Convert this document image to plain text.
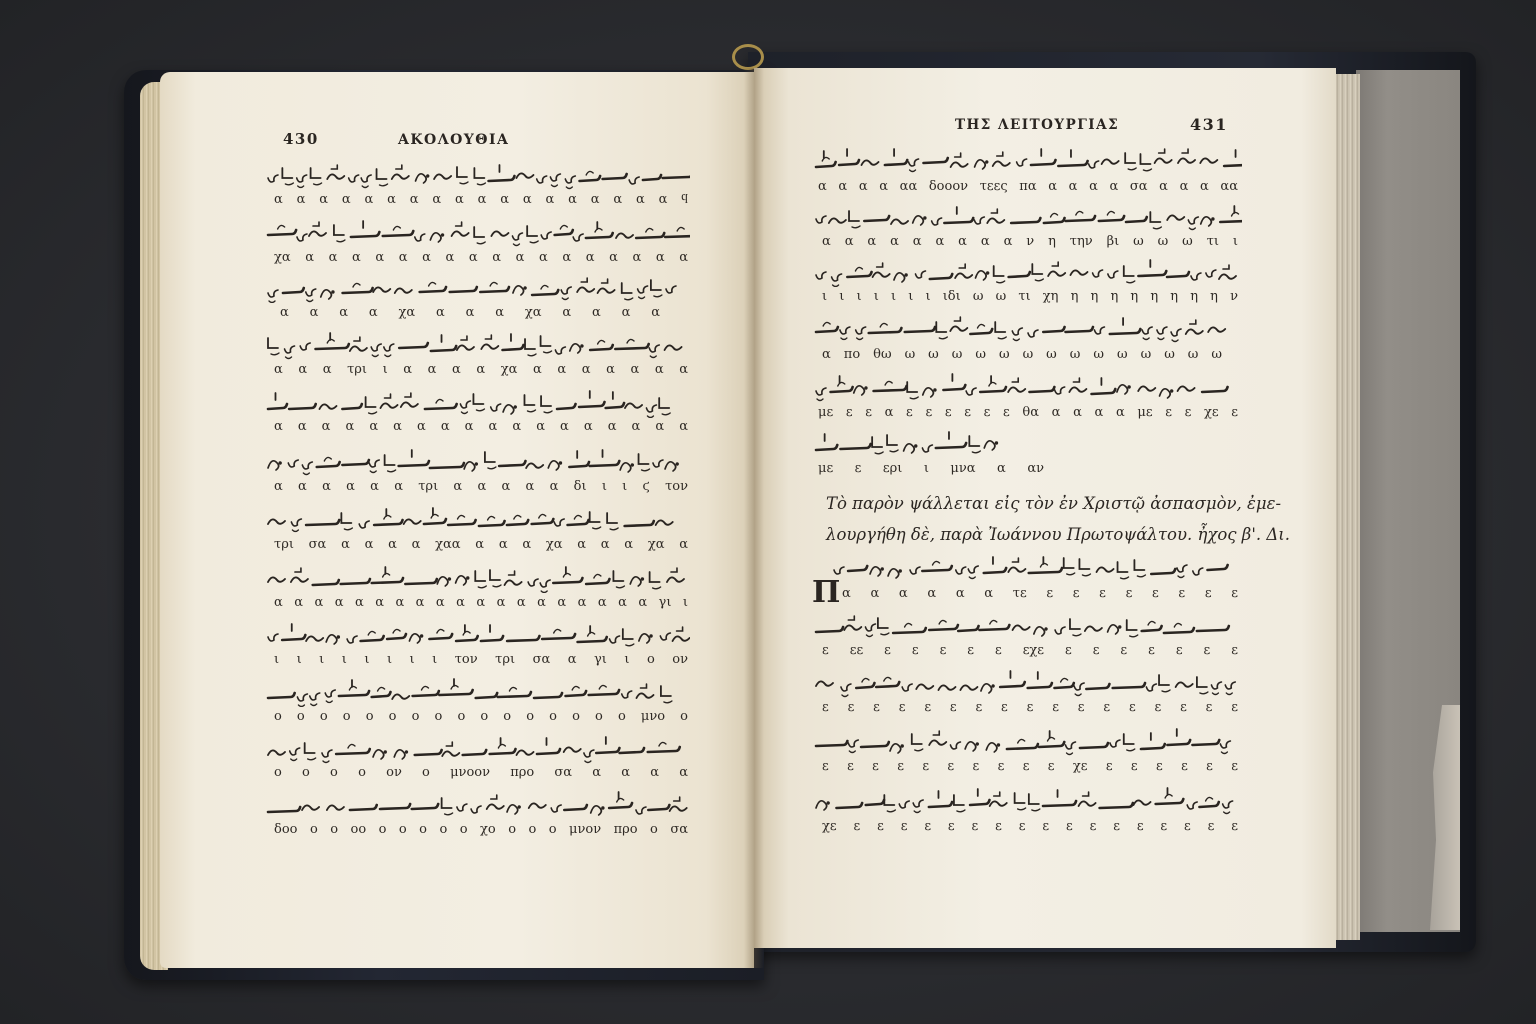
430	ΑΚΟΛΟΥΘΙΑ
α α α α α α α α α α α α α α α α α α ϥ
χα α α α α α α α α α α α α α α α α α
α α α α χα α α α χα α α α α
α α α τρι ι α α α α χα α α α α α α α
α α α α α α α α α α α α α α α α α α
α α α α α α τρι α α α α α δι ι ι ϛ τον
τρι σα α α α α χαα α α α χα α α α χα α
α α α α α α α α α α α α α α α α α α α γι ι
ι ι ι ι ι ι ι ι τον τρι σα α γι ι ο ον
ο ο ο ο ο ο ο ο ο ο ο ο ο ο ο ο μνο ο
ο ο ο ο ον ο μνοον προ σα α α α α
δοο ο ο οο ο ο ο ο ο χο ο ο ο μνον προ ο σα
ΤΗΣ ΛΕΙΤΟΥΡΓΙΑΣ	431
α α α α αα δοοον τεες πα α α α α σα α α α αα
α α α α α α α α α ν η την βι ω ω ω τι ι
ι ι ι ι ι ι ι ιδι ω ω τι χη η η η η η η η η ν
α πο θω ω ω ω ω ω ω ω ω ω ω ω ω ω ω
με ε ε α ε ε ε ε ε ε θα α α α α με ε ε χε ε
με ε ερι ι μνα α αν
Τὸ παρὸν ψάλλεται εἰς τὸν ἐν Χριστῷ ἀσπασμὸν, ἐμε-
λουργήθη δὲ, παρὰ Ἰωάννου Πρωτοψάλτου. ἦχος β'. Δι.
Π α α α α α α τε ε ε ε ε ε ε ε ε
ε εε ε ε ε ε ε εχε ε ε ε ε ε ε ε
ε ε ε ε ε ε ε ε ε ε ε ε ε ε ε ε ε
ε ε ε ε ε ε ε ε ε ε χε ε ε ε ε ε ε
χε ε ε ε ε ε ε ε ε ε ε ε ε ε ε ε ε ε
